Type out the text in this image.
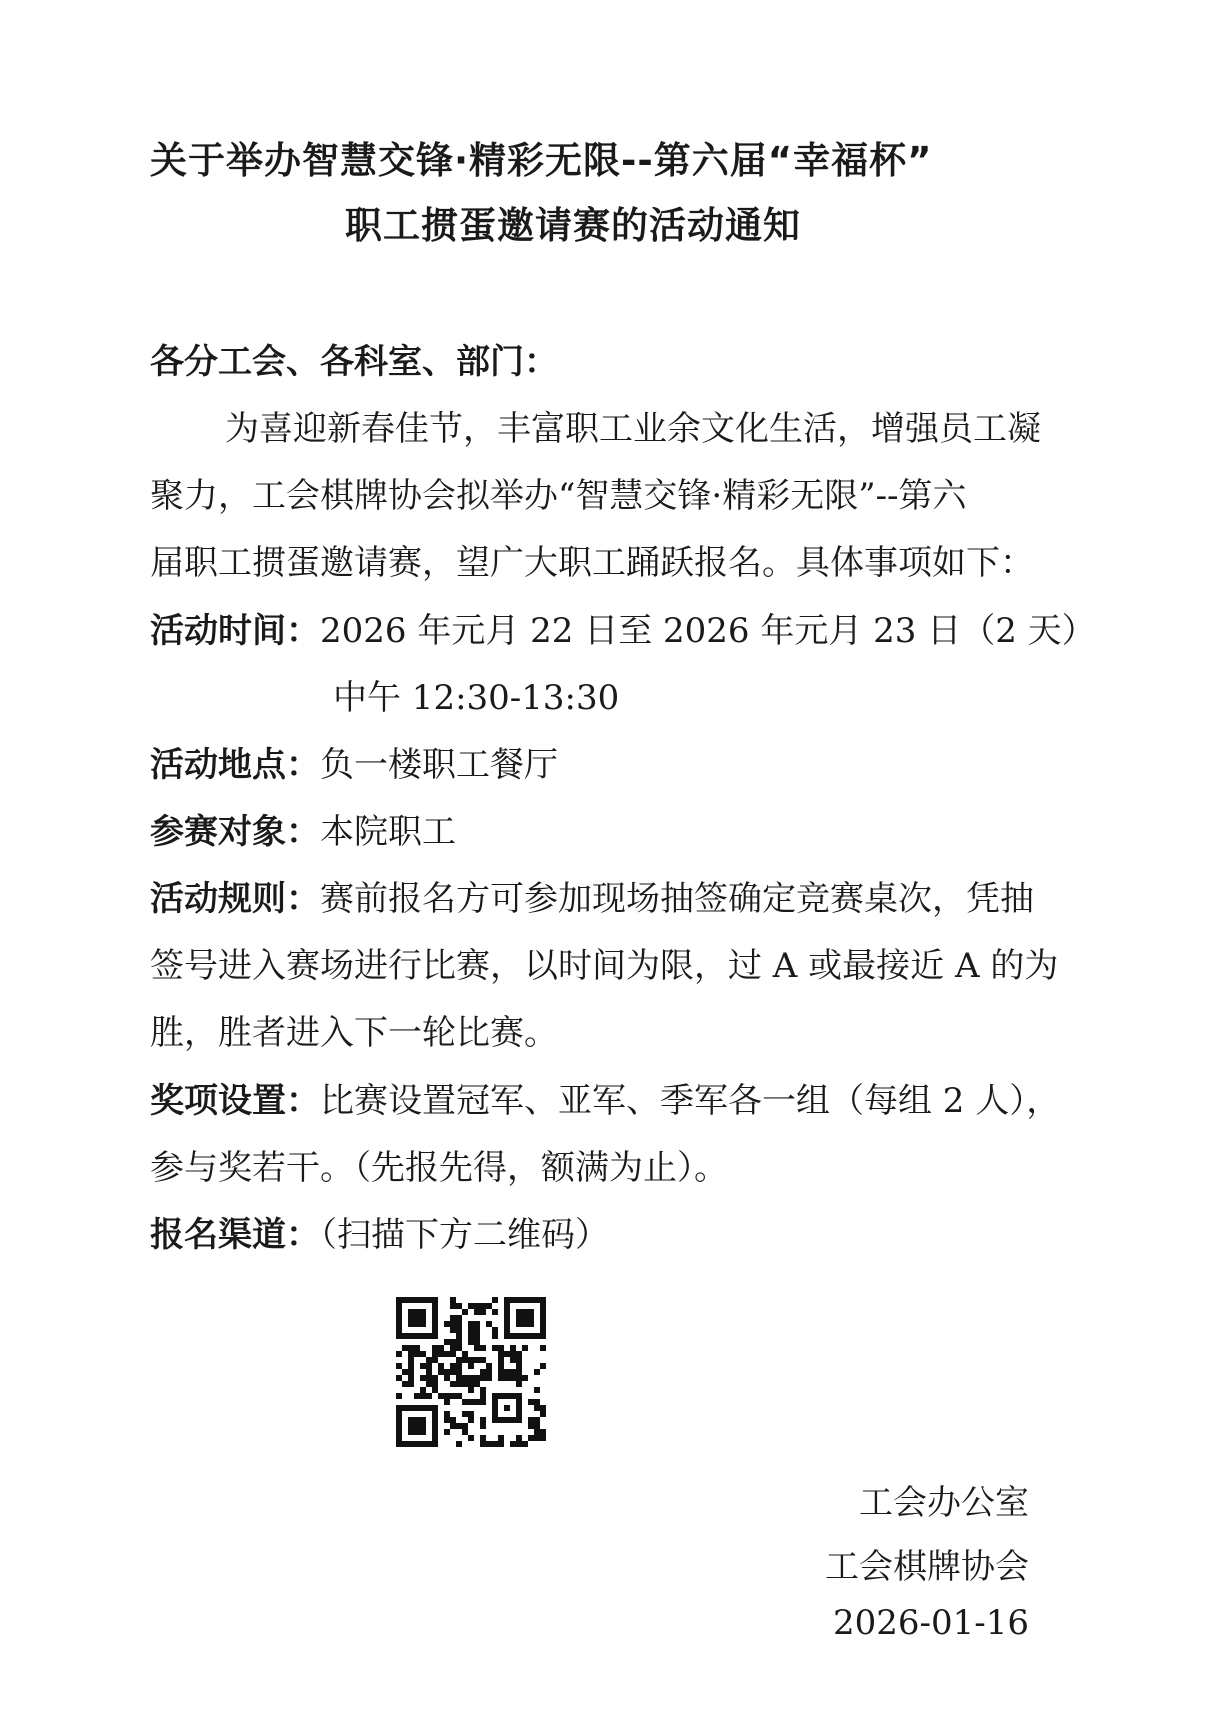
关于举办智慧交锋·精彩无限--第六届“幸福杯”
职工掼蛋邀请赛的活动通知
各分工会、各科室、部门：
为喜迎新春佳节，丰富职工业余文化生活，增强员工凝
聚力，工会棋牌协会拟举办“智慧交锋·精彩无限”--第六
届职工掼蛋邀请赛，望广大职工踊跃报名。具体事项如下：
活动时间：2026 年元月 22 日至 2026 年元月 23 日（2 天）
中午 12:30-13:30
活动地点：负一楼职工餐厅
参赛对象：本院职工
活动规则：赛前报名方可参加现场抽签确定竞赛桌次，凭抽
签号进入赛场进行比赛，以时间为限，过 A 或最接近 A 的为
胜，胜者进入下一轮比赛。
奖项设置：比赛设置冠军、亚军、季军各一组（每组 2 人），
参与奖若干。（先报先得，额满为止）。
报名渠道：（扫描下方二维码）
工会办公室
工会棋牌协会
2026-01-16
